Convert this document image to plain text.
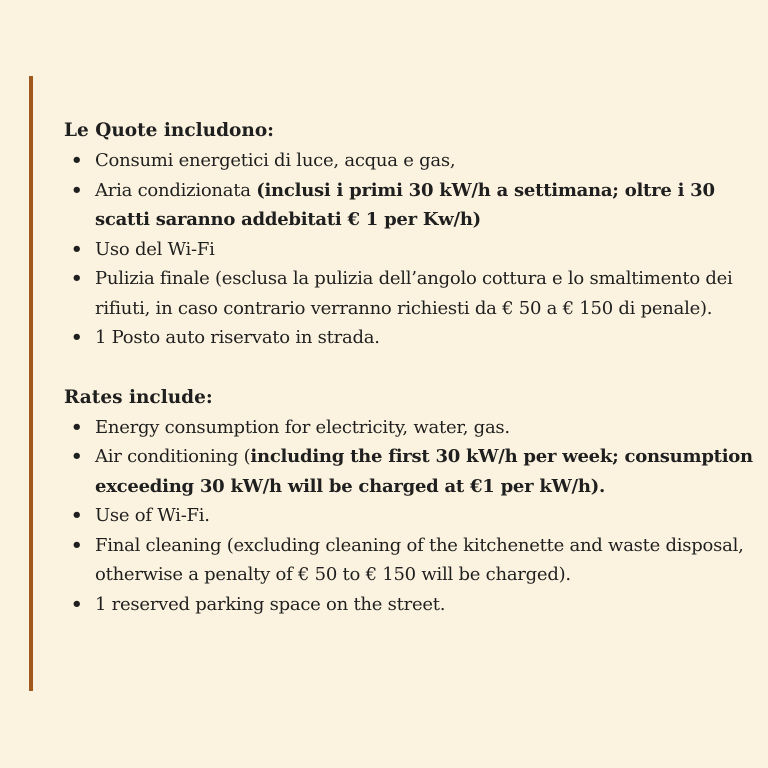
Le Quote includono:
• Consumi energetici di luce, acqua e gas,
• Aria condizionata (inclusi i primi 30 kW/h a settimana; oltre i 30 scatti saranno addebitati € 1 per Kw/h)
• Uso del Wi-Fi
• Pulizia finale (esclusa la pulizia dell’angolo cottura e lo smaltimento dei rifiuti, in caso contrario verranno richiesti da € 50 a € 150 di penale).
• 1 Posto auto riservato in strada.
Rates include:
• Energy consumption for electricity, water, gas.
• Air conditioning (including the first 30 kW/h per week; consumption exceeding 30 kW/h will be charged at €1 per kW/h).
• Use of Wi-Fi.
• Final cleaning (excluding cleaning of the kitchenette and waste disposal, otherwise a penalty of € 50 to € 150 will be charged).
• 1 reserved parking space on the street.
